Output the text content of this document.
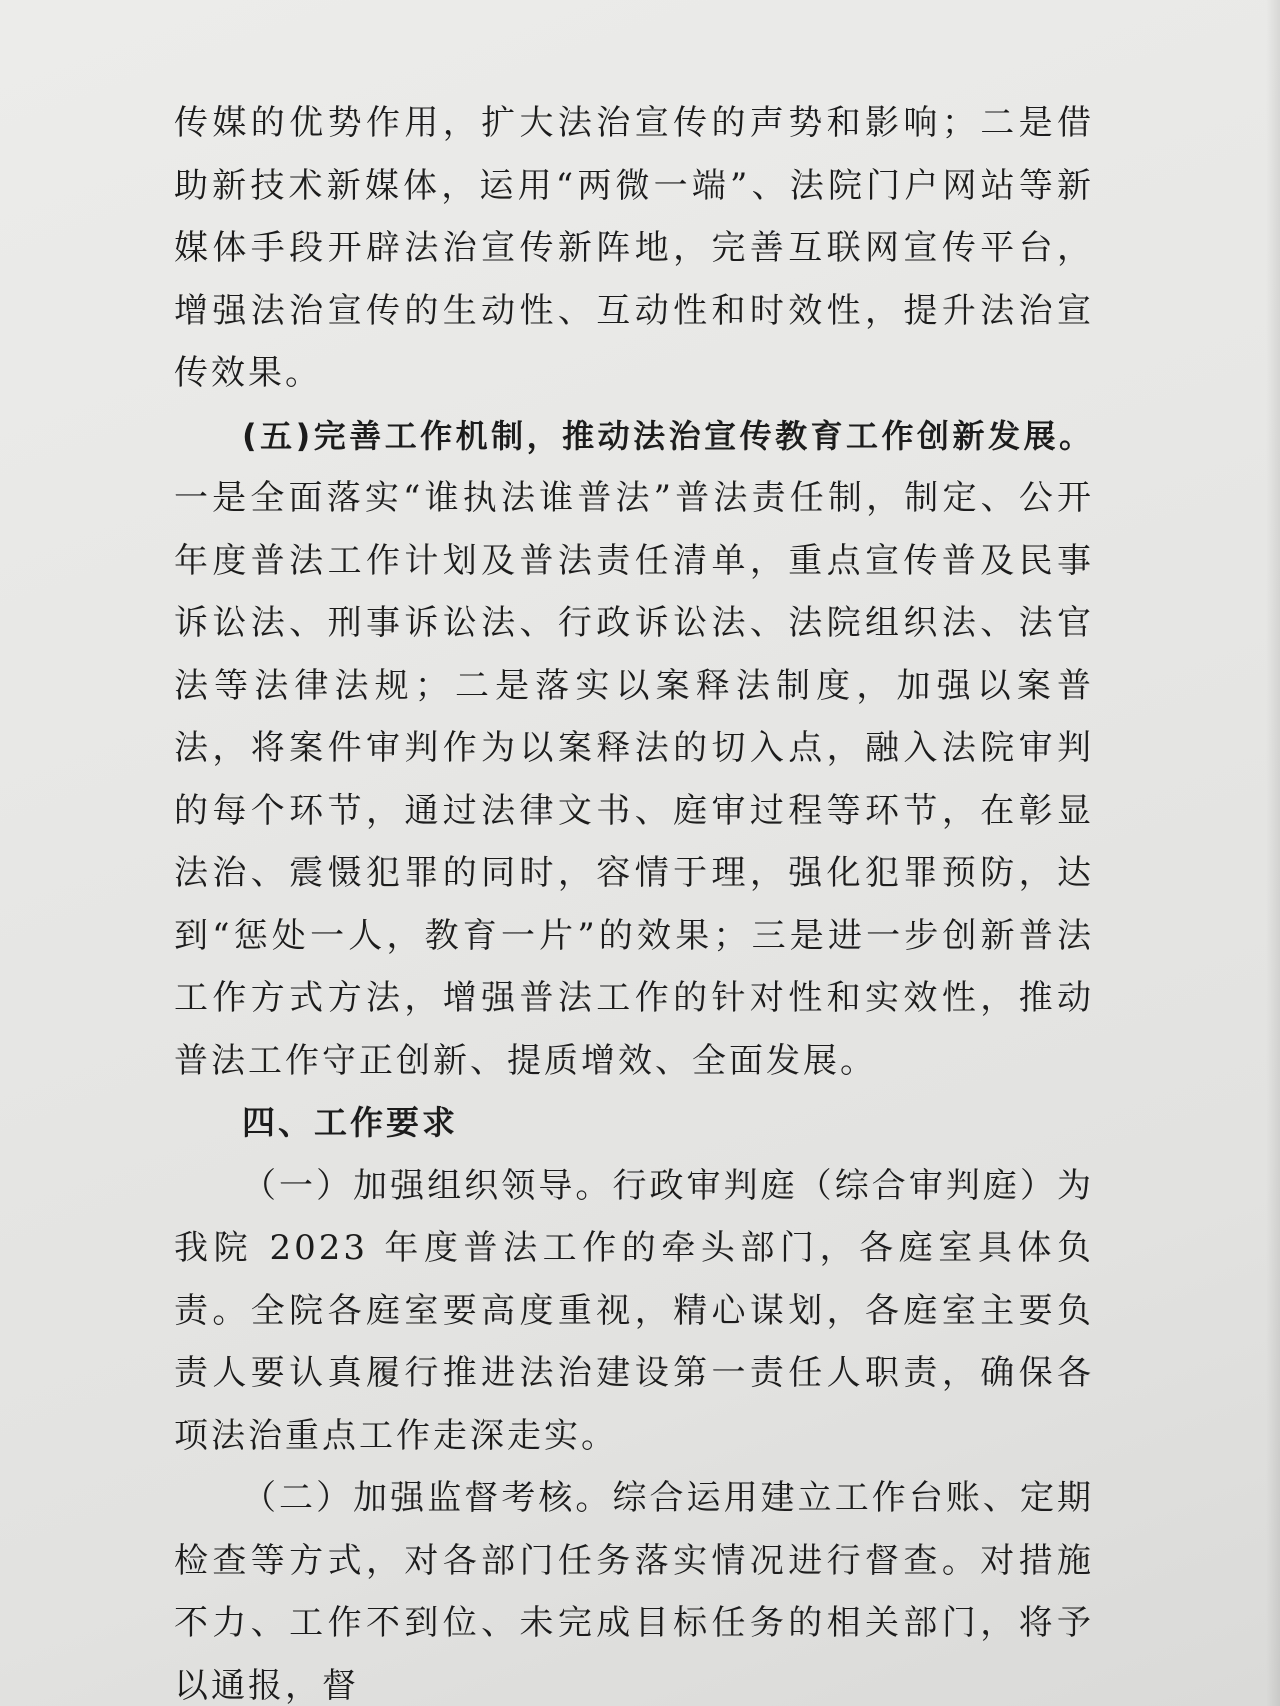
传媒的优势作用，扩大法治宣传的声势和影响；二是借助新技术新媒体，运用“两微一端”、法院门户网站等新媒体手段开辟法治宣传新阵地，完善互联网宣传平台，增强法治宣传的生动性、互动性和时效性，提升法治宣传效果。

(五)完善工作机制，推动法治宣传教育工作创新发展。一是全面落实“谁执法谁普法”普法责任制，制定、公开年度普法工作计划及普法责任清单，重点宣传普及民事诉讼法、刑事诉讼法、行政诉讼法、法院组织法、法官法等法律法规；二是落实以案释法制度，加强以案普法，将案件审判作为以案释法的切入点，融入法院审判的每个环节，通过法律文书、庭审过程等环节，在彰显法治、震慑犯罪的同时，容情于理，强化犯罪预防，达到“惩处一人，教育一片”的效果；三是进一步创新普法工作方式方法，增强普法工作的针对性和实效性，推动普法工作守正创新、提质增效、全面发展。

四、工作要求

（一）加强组织领导。行政审判庭（综合审判庭）为我院 2023 年度普法工作的牵头部门，各庭室具体负责。全院各庭室要高度重视，精心谋划，各庭室主要负责人要认真履行推进法治建设第一责任人职责，确保各项法治重点工作走深走实。

（二）加强监督考核。综合运用建立工作台账、定期检查等方式，对各部门任务落实情况进行督查。对措施不力、工作不到位、未完成目标任务的相关部门，将予以通报，督
